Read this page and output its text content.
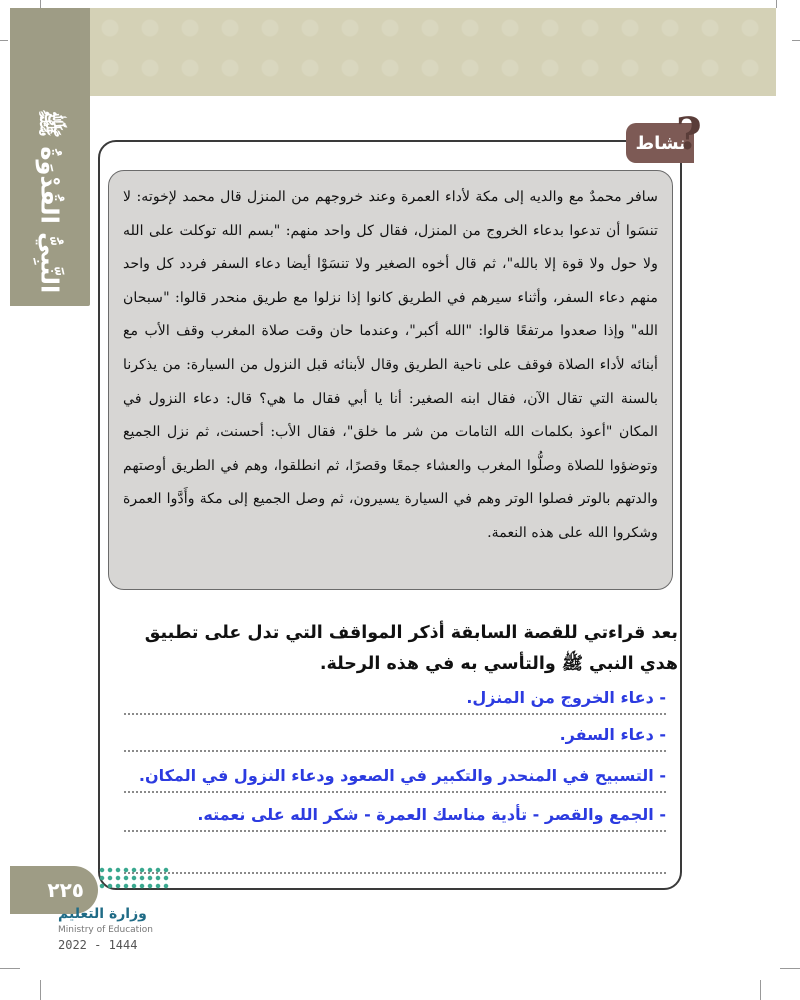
النَّبِيُّ القُدْوَةُ ﷺ	نشاط
?

سافر محمدٌ مع والديه إلى مكة لأداء العمرة وعند خروجهم من المنزل قال محمد لإخوته: لا تنسَوا أن تدعوا بدعاء الخروج من المنزل، فقال كل واحد منهم: "بسم الله توكلت على الله ولا حول ولا قوة إلا بالله"، ثم قال أخوه الصغير ولا تنسَوْا أيضا دعاء السفر فردد كل واحد منهم دعاء السفر، وأثناء سيرهم في الطريق كانوا إذا نزلوا مع طريق منحدر قالوا: "سبحان الله" وإذا صعدوا مرتفعًا قالوا: "الله أكبر"، وعندما حان وقت صلاة المغرب وقف الأب مع أبنائه لأداء الصلاة فوقف على ناحية الطريق وقال لأبنائه قبل النزول من السيارة: من يذكرنا بالسنة التي تقال الآن، فقال ابنه الصغير: أنا يا أبي فقال ما هي؟ قال: دعاء النزول في المكان "أعوذ بكلمات الله التامات من شر ما خلق"، فقال الأب: أحسنت، ثم نزل الجميع وتوضؤوا للصلاة وصلُّوا المغرب والعشاء جمعًا وقصرًا، ثم انطلقوا، وهم في الطريق أوصتهم والدتهم بالوتر فصلوا الوتر وهم في السيارة يسيرون، ثم وصل الجميع إلى مكة وأَدَّوا العمرة وشكروا الله على هذه النعمة.

بعد قراءتي للقصة السابقة أذكر المواقف التي تدل على تطبيق هدي النبي ﷺ والتأسي به في هذه الرحلة.
- دعاء الخروج من المنزل.
- دعاء السفر.
- التسبيح في المنحدر والتكبير في الصعود ودعاء النزول في المكان.
- الجمع والقصر - تأدية مناسك العمرة - شكر الله على نعمته.
٢٢٥
وزارة التعليم
Ministry of Education
2022 - 1444
